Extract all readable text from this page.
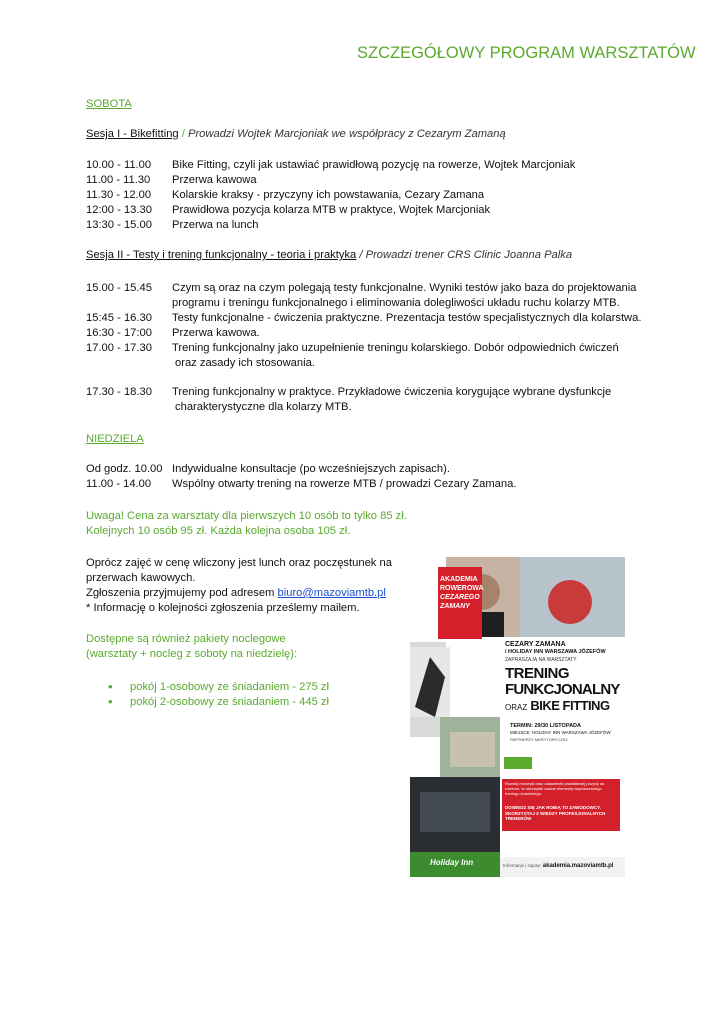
SZCZEGÓŁOWY PROGRAM WARSZTATÓW
SOBOTA
Sesja I - Bikefitting / Prowadzi Wojtek Marcjoniak we współpracy z Cezarym Zamaną
10.00 - 11.00 Bike Fitting, czyli jak ustawiać prawidłową pozycję na rowerze, Wojtek Marcjoniak
11.00 - 11.30 Przerwa kawowa
11.30 - 12.00 Kolarskie kraksy - przyczyny ich powstawania, Cezary Zamana
12:00 - 13.30 Prawidłowa pozycja kolarza MTB w praktyce, Wojtek Marcjoniak
13:30 - 15.00 Przerwa na lunch
Sesja II - Testy i trening funkcjonalny - teoria i praktyka / Prowadzi trener CRS Clinic Joanna Palka
15.00 - 15.45 Czym są oraz na czym polegają testy funkcjonalne. Wyniki testów jako baza do projektowania
programu i treningu funkcjonalnego i eliminowania dolegliwości układu ruchu kolarzy MTB.
15:45 - 16.30 Testy funkcjonalne - ćwiczenia praktyczne. Prezentacja testów specjalistycznych dla kolarstwa.
16:30 - 17:00 Przerwa kawowa.
17.00 - 17.30 Trening funkcjonalny jako uzupełnienie treningu kolarskiego. Dobór odpowiednich ćwiczeń
oraz zasady ich stosowania.
17.30 - 18.30 Trening funkcjonalny w praktyce. Przykładowe ćwiczenia korygujące wybrane dysfunkcje
charakterystyczne dla kolarzy MTB.
NIEDZIELA
Od godz. 10.00 Indywidualne konsultacje (po wcześniejszych zapisach).
11.00 - 14.00 Wspólny otwarty trening na rowerze MTB / prowadzi Cezary Zamana.
Uwaga! Cena za warsztaty dla pierwszych 10 osób to tylko 85 zł.
Kolejnych 10 osób 95 zł. Każda kolejna osoba 105 zł.
Oprócz zajęć w cenę wliczony jest lunch oraz poczęstunek na
przerwach kawowych.
Zgłoszenia przyjmujemy pod adresem biuro@mazoviamtb.pl
* Informację o kolejności zgłoszenia prześlemy mailem.
Dostępne są również pakiety noclegowe
(warsztaty + nocleg z soboty na niedzielę):
• pokój 1-osobowy ze śniadaniem - 275 zł
• pokój 2-osobowy ze śniadaniem - 445 zł
AKADEMIA
ROWEROWA
CEZAREGO
ZAMANY
CEZARY ZAMANA
i HOLIDAY INN WARSZAWA JÓZEFÓW
ZAPRASZAJĄ NA WARSZTATY
TRENING
FUNKCJONALNY
ORAZ BIKE FITTING
TERMIN: 29/30 LISTOPADA
MIEJSCE: HOLIDAY INN WARSZAWA JÓZEFÓW
PARTNERZY MERYTORYCZNI:
Rozwój motoryki oraz ustawienie prawidłowej pozycji na rowerze, to niezwykle ważne elementy współczesnego treningu kolarskiego.
DOWIEDZ SIĘ JAK ROBIĄ TO ZAWODOWCY. SKORZYSTAJ Z WIEDZY PROFESJONALNYCH TRENERÓW
Holiday Inn	Informacje i zapisy: akademia.mazoviamtb.pl
